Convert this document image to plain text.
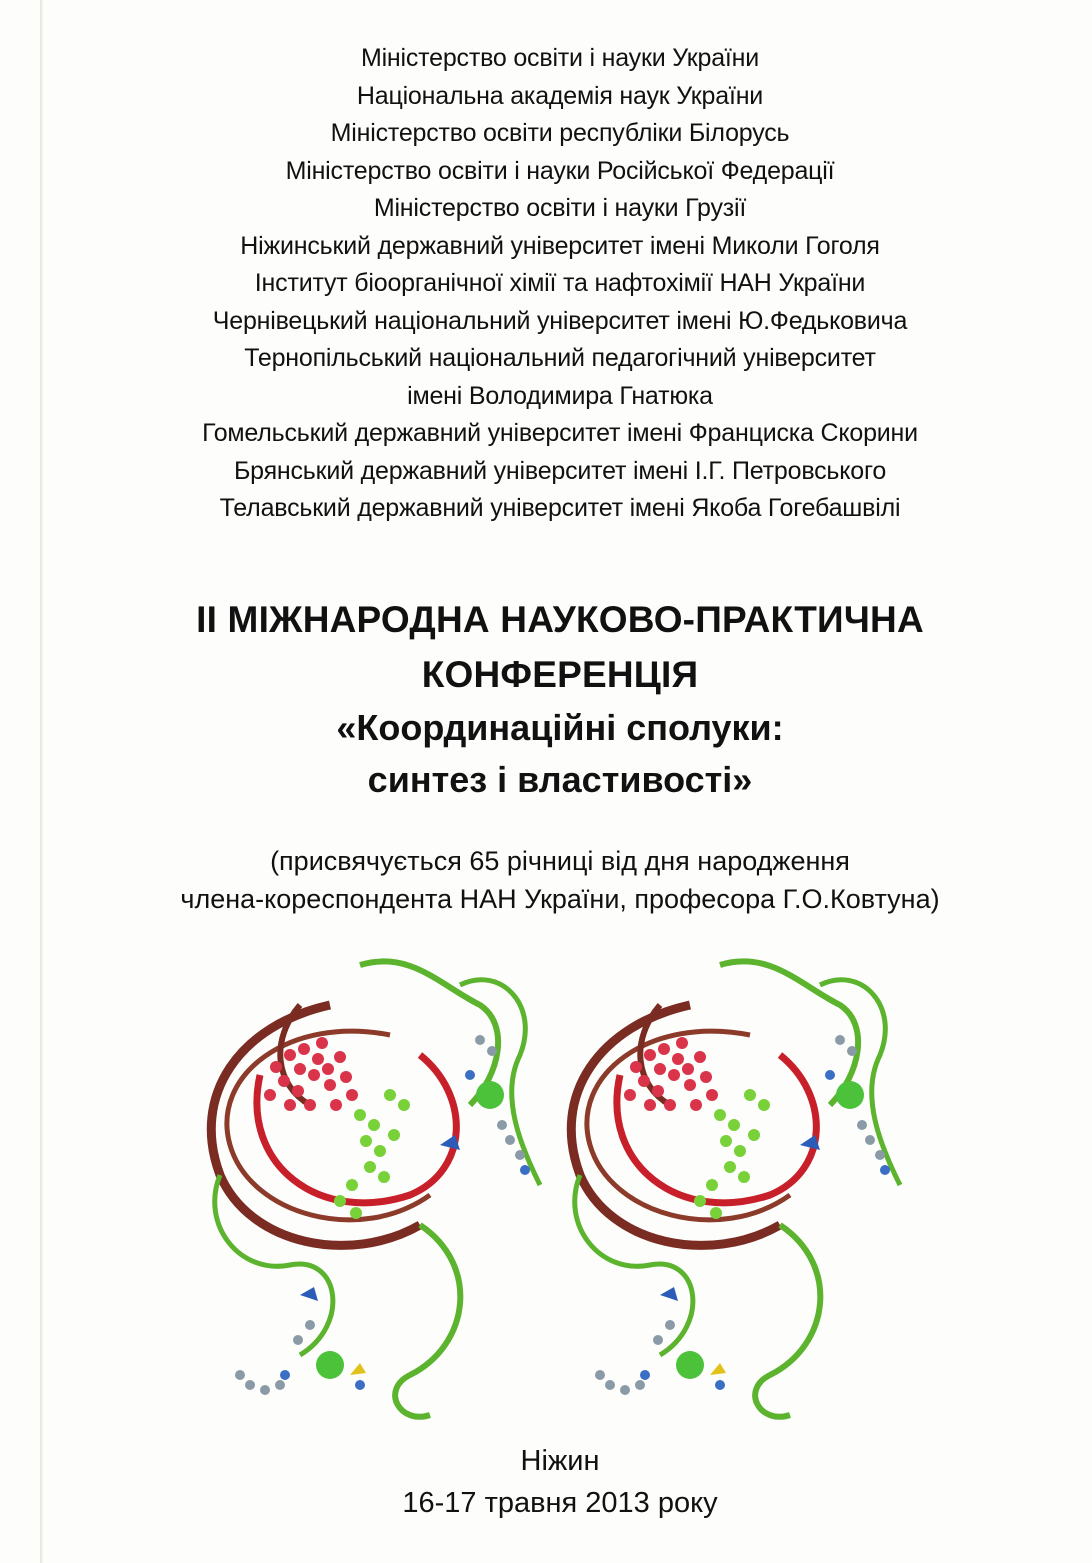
Міністерство освіти і науки України
Національна академія наук України
Міністерство освіти республіки Білорусь
Міністерство освіти і науки Російської Федерації
Міністерство освіти і науки Грузії
Ніжинський державний університет імені Миколи Гоголя
Інститут біоорганічної хімії та нафтохімії НАН України
Чернівецький національний університет імені Ю.Федьковича
Тернопільський національний педагогічний університет
імені Володимира Гнатюка
Гомельський державний університет імені Франциска Скорини
Брянський державний університет імені І.Г. Петровського
Телавський державний університет імені Якоба Гогебашвілі
II МІЖНАРОДНА НАУКОВО-ПРАКТИЧНА
КОНФЕРЕНЦІЯ
«Координаційні сполуки:
синтез і властивості»
(присвячується 65 річниці від дня народження
члена-кореспондента НАН України, професора Г.О.Ковтуна)
Ніжин
16-17 травня 2013 року
